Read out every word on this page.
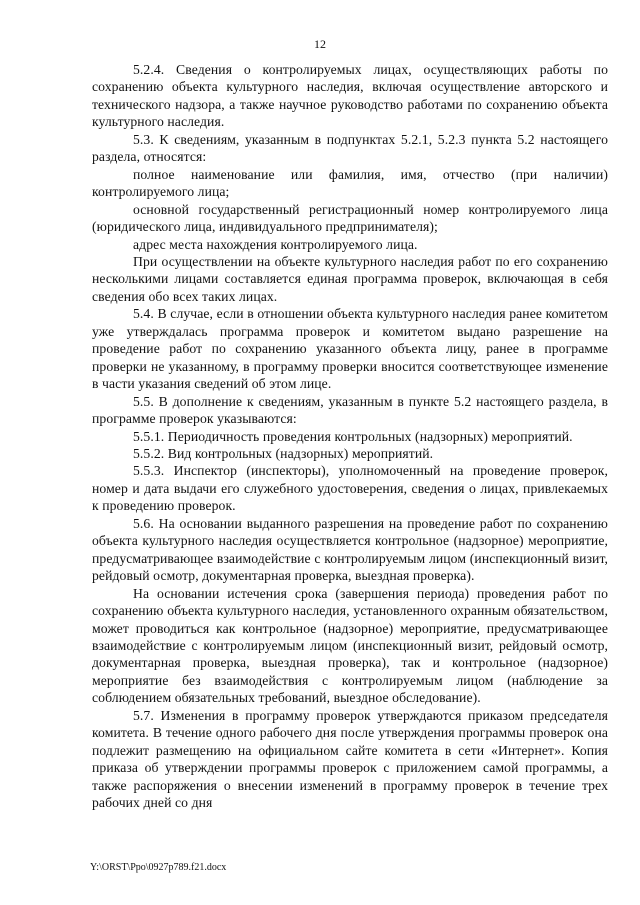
12

5.2.4. Сведения о контролируемых лицах, осуществляющих работы по сохранению объекта культурного наследия, включая осуществление авторского и технического надзора, а также научное руководство работами по сохранению объекта культурного наследия.

5.3. К сведениям, указанным в подпунктах 5.2.1, 5.2.3 пункта 5.2 настоящего раздела, относятся:

полное наименование или фамилия, имя, отчество (при наличии) контролируемого лица;

основной государственный регистрационный номер контролируемого лица (юридического лица, индивидуального предпринимателя);

адрес места нахождения контролируемого лица.

При осуществлении на объекте культурного наследия работ по его сохранению несколькими лицами составляется единая программа проверок, включающая в себя сведения обо всех таких лицах.

5.4. В случае, если в отношении объекта культурного наследия ранее комитетом уже утверждалась программа проверок и комитетом выдано разрешение на проведение работ по сохранению указанного объекта лицу, ранее в программе проверки не указанному, в программу проверки вносится соответствующее изменение в части указания сведений об этом лице.

5.5. В дополнение к сведениям, указанным в пункте 5.2 настоящего раздела, в программе проверок указываются:

5.5.1. Периодичность проведения контрольных (надзорных) мероприятий.

5.5.2. Вид контрольных (надзорных) мероприятий.

5.5.3. Инспектор (инспекторы), уполномоченный на проведение проверок, номер и дата выдачи его служебного удостоверения, сведения о лицах, привлекаемых к проведению проверок.

5.6. На основании выданного разрешения на проведение работ по сохранению объекта культурного наследия осуществляется контрольное (надзорное) мероприятие, предусматривающее взаимодействие с контролируемым лицом (инспекционный визит, рейдовый осмотр, документарная проверка, выездная проверка).

На основании истечения срока (завершения периода) проведения работ по сохранению объекта культурного наследия, установленного охранным обязательством, может проводиться как контрольное (надзорное) мероприятие, предусматривающее взаимодействие с контролируемым лицом (инспекционный визит, рейдовый осмотр, документарная проверка, выездная проверка), так и контрольное (надзорное) мероприятие без взаимодействия с контролируемым лицом (наблюдение за соблюдением обязательных требований, выездное обследование).

5.7. Изменения в программу проверок утверждаются приказом председателя комитета. В течение одного рабочего дня после утверждения программы проверок она подлежит размещению на официальном сайте комитета в сети «Интернет». Копия приказа об утверждении программы проверок с приложением самой программы, а также распоряжения о внесении изменений в программу проверок в течение трех рабочих дней со дня

Y:\ORST\Ppo\0927p789.f21.docx
